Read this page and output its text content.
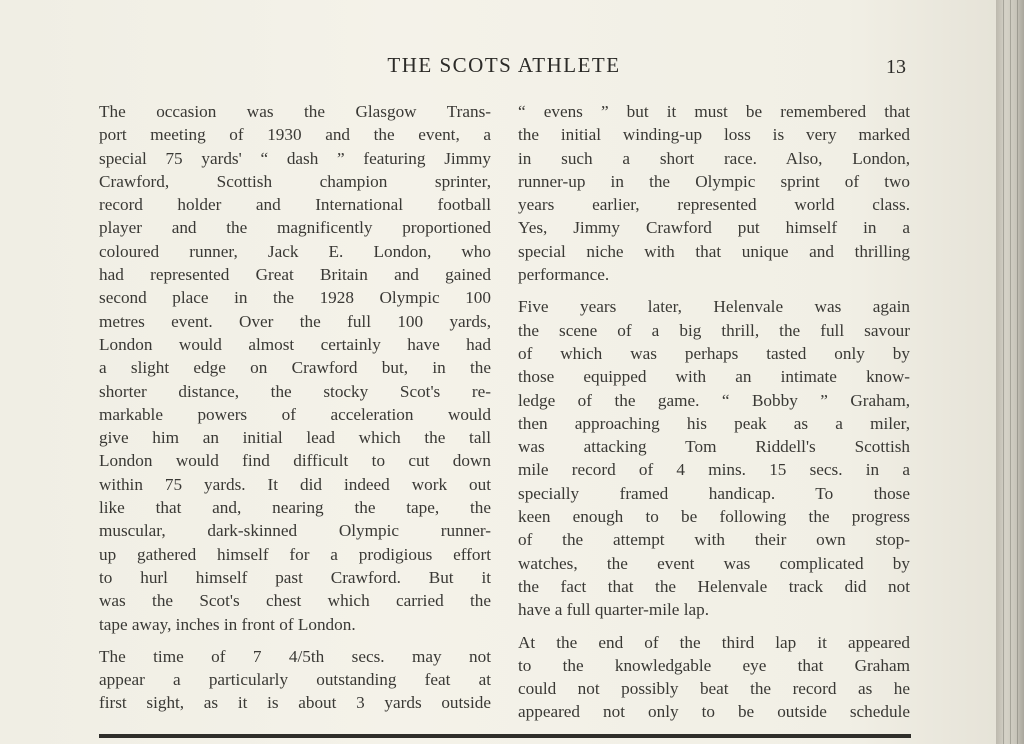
THE SCOTS ATHLETE	13
The occasion was the Glasgow Trans-
port meeting of 1930 and the event, a
special 75 yards' “ dash ” featuring Jimmy
Crawford, Scottish champion sprinter,
record holder and International football
player and the magnificently proportioned
coloured runner, Jack E. London, who
had represented Great Britain and gained
second place in the 1928 Olympic 100
metres event. Over the full 100 yards,
London would almost certainly have had
a slight edge on Crawford but, in the
shorter distance, the stocky Scot's re-
markable powers of acceleration would
give him an initial lead which the tall
London would find difficult to cut down
within 75 yards. It did indeed work out
like that and, nearing the tape, the
muscular, dark-skinned Olympic runner-
up gathered himself for a prodigious effort
to hurl himself past Crawford. But it
was the Scot's chest which carried the
tape away, inches in front of London.
The time of 7 4/5th secs. may not
appear a particularly outstanding feat at
first sight, as it is about 3 yards outside
“ evens ” but it must be remembered that
the initial winding-up loss is very marked
in such a short race. Also, London,
runner-up in the Olympic sprint of two
years earlier, represented world class.
Yes, Jimmy Crawford put himself in a
special niche with that unique and thrilling
performance.
Five years later, Helenvale was again
the scene of a big thrill, the full savour
of which was perhaps tasted only by
those equipped with an intimate know-
ledge of the game. “ Bobby ” Graham,
then approaching his peak as a miler,
was attacking Tom Riddell's Scottish
mile record of 4 mins. 15 secs. in a
specially framed handicap. To those
keen enough to be following the progress
of the attempt with their own stop-
watches, the event was complicated by
the fact that the Helenvale track did not
have a full quarter-mile lap.
At the end of the third lap it appeared
to the knowledgable eye that Graham
could not possibly beat the record as he
appeared not only to be outside schedule
